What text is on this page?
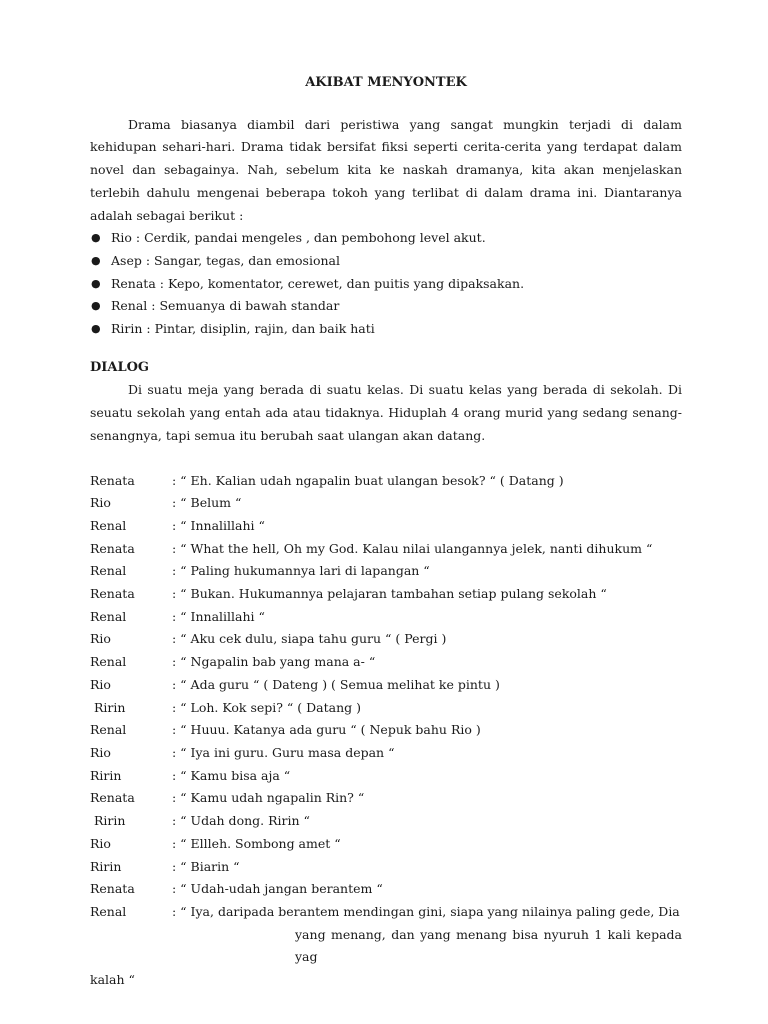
AKIBAT MENYONTEK

Drama biasanya diambil dari peristiwa yang sangat mungkin terjadi di dalam kehidupan sehari-hari. Drama tidak bersifat fiksi seperti cerita-cerita yang terdapat dalam novel dan sebagainya. Nah, sebelum kita ke naskah dramanya, kita akan menjelaskan terlebih dahulu mengenai beberapa tokoh yang terlibat di dalam drama ini. Diantaranya adalah sebagai berikut :

● Rio : Cerdik, pandai mengeles , dan pembohong level akut.
● Asep : Sangar, tegas, dan emosional
● Renata : Kepo, komentator, cerewet, dan puitis yang dipaksakan.
● Renal : Semuanya di bawah standar
● Ririn : Pintar, disiplin, rajin, dan baik hati
DIALOG

Di suatu meja yang berada di suatu kelas. Di suatu kelas yang berada di sekolah. Di seuatu sekolah yang entah ada atau tidaknya. Hiduplah 4 orang murid yang sedang senang- senangnya, tapi semua itu berubah saat ulangan akan datang.

Renata	: “ Eh. Kalian udah ngapalin buat ulangan besok? “ ( Datang )
Rio	: “ Belum “
Renal	: “ Innalillahi “
Renata	: “ What the hell, Oh my God. Kalau nilai ulangannya jelek, nanti dihukum “
Renal	: “ Paling hukumannya lari di lapangan “
Renata	: “ Bukan. Hukumannya pelajaran tambahan setiap pulang sekolah “
Renal	: “ Innalillahi “
Rio	: “ Aku cek dulu, siapa tahu guru “ ( Pergi )
Renal	: “ Ngapalin bab yang mana a- “
Rio	: “ Ada guru “ ( Dateng ) ( Semua melihat ke pintu )
Ririn	: “ Loh. Kok sepi? “ ( Datang )
Renal	: “ Huuu. Katanya ada guru “ ( Nepuk bahu Rio )
Rio	: “ Iya ini guru. Guru masa depan “
Ririn	: “ Kamu bisa aja “
Renata	: “ Kamu udah ngapalin Rin? “
Ririn	: “ Udah dong. Ririn “
Rio	: “ Ellleh. Sombong amet “
Ririn	: “ Biarin “
Renata	: “ Udah-udah jangan berantem “
Renal	: “ Iya, daripada berantem mendingan gini, siapa yang nilainya paling gede, Dia
yang menang, dan yang menang bisa nyuruh 1 kali kepada yag
kalah “
